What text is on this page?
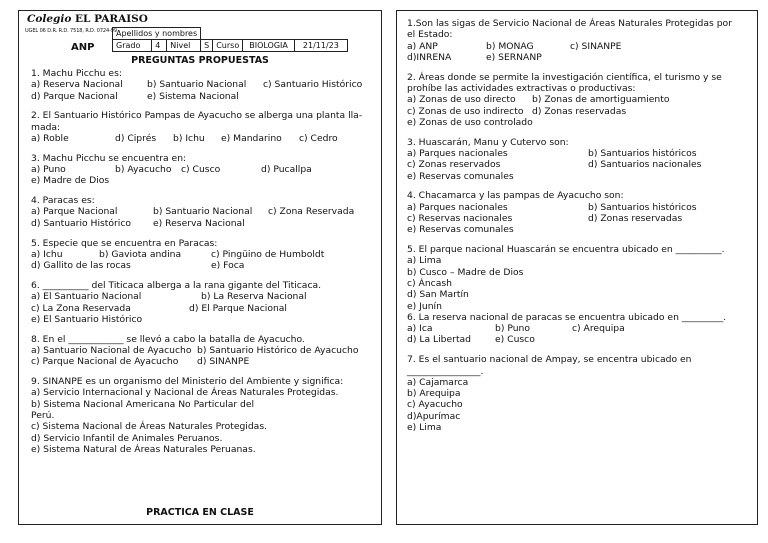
Colegio EL PARAISO
UGEL 06 D.R. R.D. 7518, R.D. 0724-99
ANP
Apellidos y nombres						
Grado	4	Nivel	S	Curso	BIOLOGIA	21/11/23
PREGUNTAS PROPUESTAS
1. Machu Picchu es:
a) Reserva Nacional	b) Santuario Nacional c) Santuario Histórico
d) Parque Nacional	e) Sistema Nacional
2. El Santuario Histórico Pampas de Ayacucho se alberga una planta lla-
mada:
a) Roble	d) Ciprés b) Ichu e) Mandarino c) Cedro
3. Machu Picchu se encuentra en:
a) Puno	b) Ayacucho c) Cusco	d) Pucallpa
e) Madre de Dios
4. Paracas es:
a) Parque Nacional	b) Santuario Nacional c) Zona Reservada
d) Santuario Histórico e) Reserva Nacional
5. Especie que se encuentra en Paracas:
a) Ichu	b) Gaviota andina	c) Pingüino de Humboldt
d) Gallito de las rocas	e) Foca
6. __________ del Titicaca alberga a la rana gigante del Titicaca.
a) El Santuario Nacional	b) La Reserva Nacional
c) La Zona Reservada	d) El Parque Nacional
e) El Santuario Histórico
8. En el ____________ se llevó a cabo la batalla de Ayacucho.
a) Santuario Nacional de Ayacucho b) Santuario Histórico de Ayacucho
c) Parque Nacional de Ayacucho d) SINANPE
9. SINANPE es un organismo del Ministerio del Ambiente y significa:
a) Servicio Internacional y Nacional de Áreas Naturales Protegidas.
b) Sistema Nacional Americana No Particular del
Perú.
c) Sistema Nacional de Áreas Naturales Protegidas.
d) Servicio Infantil de Animales Peruanos.
e) Sistema Natural de Áreas Naturales Peruanas.
PRACTICA EN CLASE
1.Son las sigas de Servicio Nacional de Áreas Naturales Protegidas por
el Estado:
a) ANP	b) MONAG	c) SINANPE
d)INRENA	e) SERNANP
2. Áreas donde se permite la investigación científica, el turismo y se
prohíbe las actividades extractivas o productivas:
a) Zonas de uso directo b) Zonas de amortiguamiento
c) Zonas de uso indirecto d) Zonas reservadas
e) Zonas de uso controlado
3. Huascarán, Manu y Cutervo son:
a) Parques nacionales	b) Santuarios históricos
c) Zonas reservados	d) Santuarios nacionales
e) Reservas comunales
4. Chacamarca y las pampas de Ayacucho son:
a) Parques nacionales	b) Santuarios históricos
c) Reservas nacionales	d) Zonas reservadas
e) Reservas comunales
5. El parque nacional Huascarán se encuentra ubicado en __________.
a) Lima
b) Cusco – Madre de Dios
c) Áncash
d) San Martín
e) Junín
6. La reserva nacional de paracas se encuentra ubicado en _________.
a) Ica	b) Puno	c) Arequipa
d) La Libertad	e) Cusco
7. Es el santuario nacional de Ampay, se encentra ubicado en
________________.
a) Cajamarca
b) Arequipa
c) Ayacucho
d)Apurímac
e) Lima
